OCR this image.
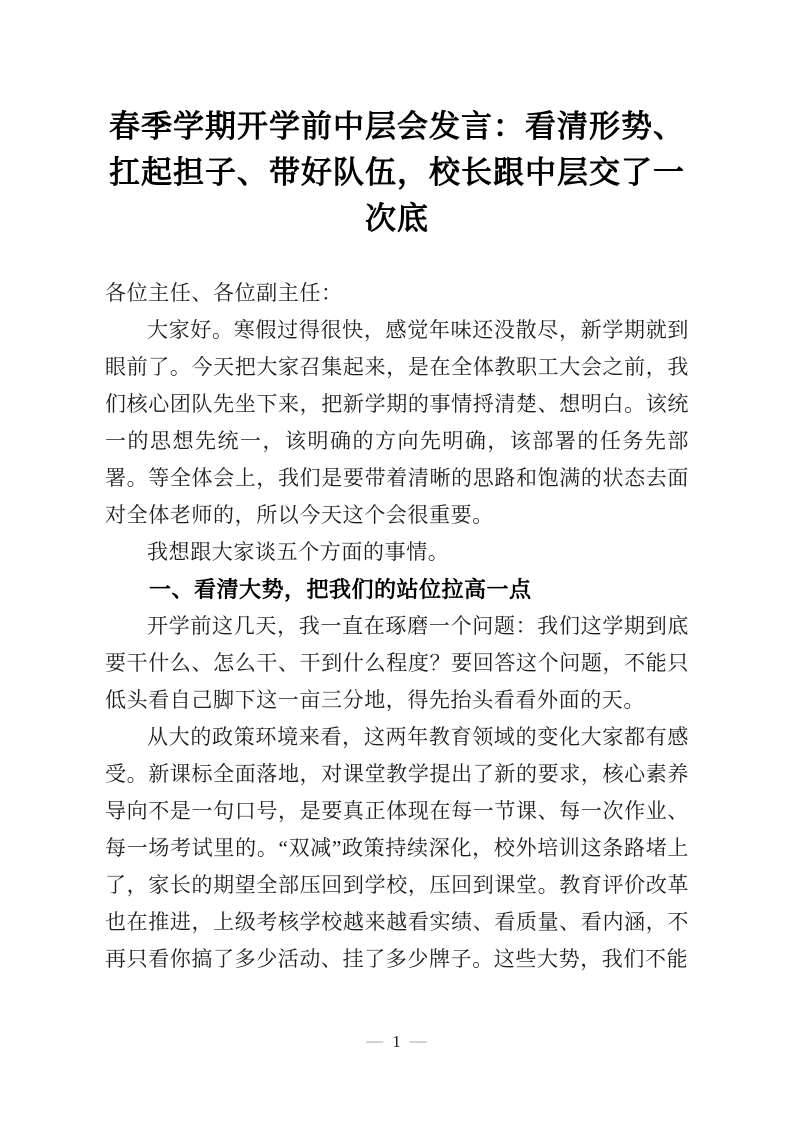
春季学期开学前中层会发言：看清形势、扛起担子、带好队伍，校长跟中层交了一次底

各位主任、各位副主任：

大家好。寒假过得很快，感觉年味还没散尽，新学期就到眼前了。今天把大家召集起来，是在全体教职工大会之前，我们核心团队先坐下来，把新学期的事情捋清楚、想明白。该统一的思想先统一，该明确的方向先明确，该部署的任务先部署。等全体会上，我们是要带着清晰的思路和饱满的状态去面对全体老师的，所以今天这个会很重要。

我想跟大家谈五个方面的事情。

一、看清大势，把我们的站位拉高一点

开学前这几天，我一直在琢磨一个问题：我们这学期到底要干什么、怎么干、干到什么程度？要回答这个问题，不能只低头看自己脚下这一亩三分地，得先抬头看看外面的天。

从大的政策环境来看，这两年教育领域的变化大家都有感受。新课标全面落地，对课堂教学提出了新的要求，核心素养导向不是一句口号，是要真正体现在每一节课、每一次作业、每一场考试里的。“双减”政策持续深化，校外培训这条路堵上了，家长的期望全部压回到学校，压回到课堂。教育评价改革也在推进，上级考核学校越来越看实绩、看质量、看内涵，不再只看你搞了多少活动、挂了多少牌子。这些大势，我们不能

— 1 —
